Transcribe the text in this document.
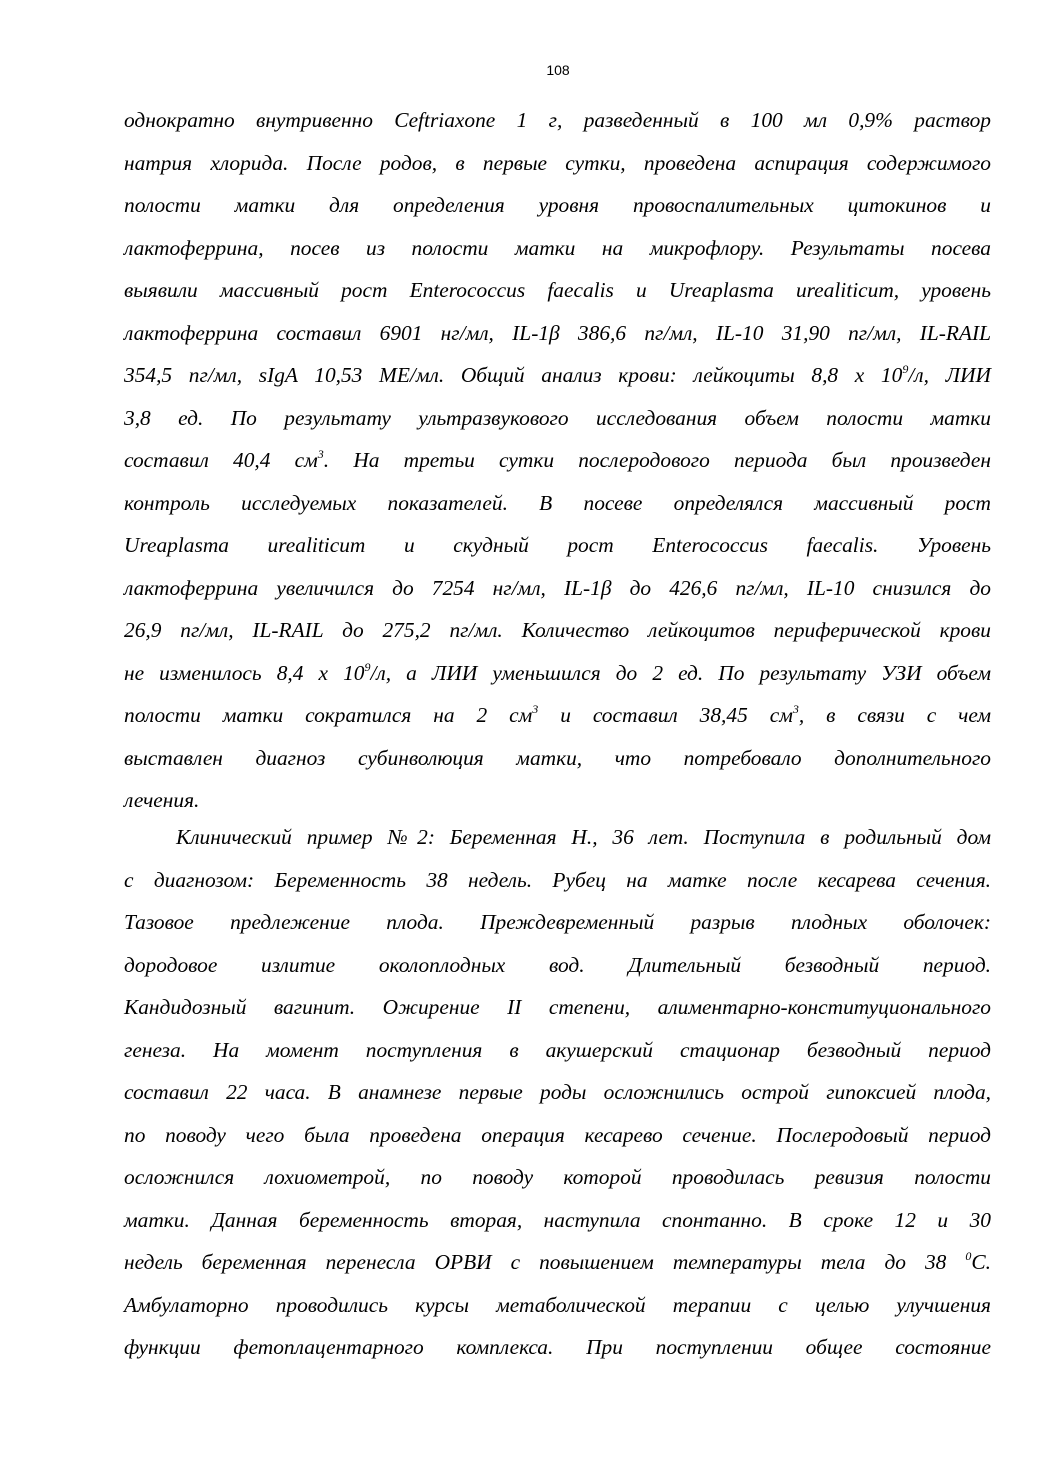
108
однократно внутривенно Ceftriaxone 1 г, разведенный в 100 мл 0,9% раствор
натрия хлорида. После родов, в первые сутки, проведена аспирация содержимого
полости матки для определения уровня провоспалительных цитокинов и
лактоферрина, посев из полости матки на микрофлору. Результаты посева
выявили массивный рост Enterococcus faecalis и Ureaplasma urealiticum, уровень
лактоферрина составил 6901 нг/мл, IL-1β 386,6 пг/мл, IL-10 31,90 пг/мл, IL-RAIL
354,5 пг/мл, sIgA 10,53 МЕ/мл. Общий анализ крови: лейкоциты 8,8 х $10^9/л$, ЛИИ
3,8 ед. По результату ультразвукового исследования объем полости матки
составил 40,4 $см^3$. На третьи сутки послеродового периода был произведен
контроль исследуемых показателей. В посеве определялся массивный рост
Ureaplasma urealiticum и скудный рост Enterococcus faecalis. Уровень
лактоферрина увеличился до 7254 нг/мл, IL-1β до 426,6 пг/мл, IL-10 снизился до
26,9 пг/мл, IL-RAIL до 275,2 пг/мл. Количество лейкоцитов периферической крови
не изменилось 8,4 х $10^9/л$, а ЛИИ уменьшился до 2 ед. По результату УЗИ объем
полости матки сократился на 2 $см^3$ и составил 38,45 $см^3$, в связи с чем
выставлен диагноз субинволюция матки, что потребовало дополнительного
лечения.
Клинический пример №2: Беременная Н., 36 лет. Поступила в родильный дом
с диагнозом: Беременность 38 недель. Рубец на матке после кесарева сечения.
Тазовое предлежение плода. Преждевременный разрыв плодных оболочек:
дородовое излитие околоплодных вод. Длительный безводный период.
Кандидозный вагинит. Ожирение II степени, алиментарно-конституционального
генеза. На момент поступления в акушерский стационар безводный период
составил 22 часа. В анамнезе первые роды осложнились острой гипоксией плода,
по поводу чего была проведена операция кесарево сечение. Послеродовый период
осложнился лохиометрой, по поводу которой проводилась ревизия полости
матки. Данная беременность вторая, наступила спонтанно. В сроке 12 и 30
недель беременная перенесла ОРВИ с повышением температуры тела до 38 $^0$С.
Амбулаторно проводились курсы метаболической терапии с целью улучшения
функции фетоплацентарного комплекса. При поступлении общее состояние
